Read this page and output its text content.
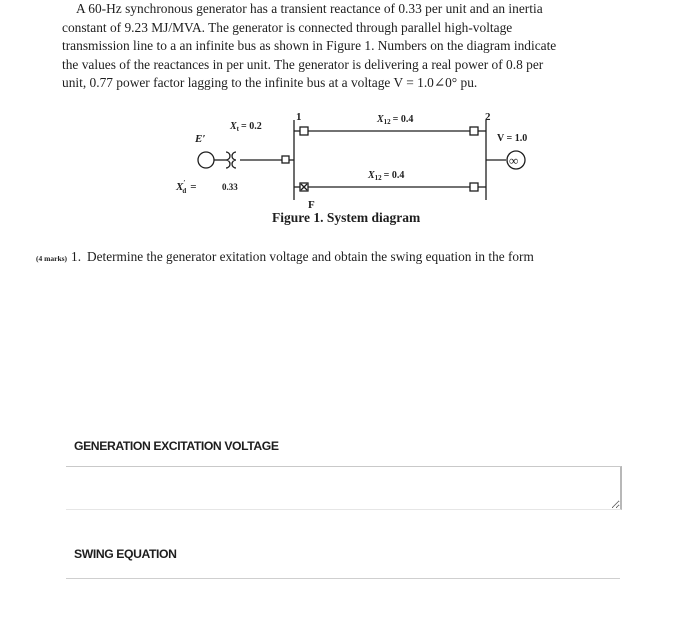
A 60-Hz synchronous generator has a transient reactance of 0.33 per unit and an inertia
constant of 9.23 MJ/MVA. The generator is connected through parallel high-voltage
transmission line to a an infinite bus as shown in Figure 1. Numbers on the diagram indicate
the values of the reactances in per unit. The generator is delivering a real power of 0.8 per
unit, 0.77 power factor lagging to the infinite bus at a voltage V = 1.0∠0° pu.
1	2
E′
$X_t = 0.2$
$X_{12} = 0.4$
$X_{12} = 0.4$
X′ d =	0.33
V = 1.0
∞
F
Figure 1. System diagram
(4 marks) 1. Determine the generator exitation voltage and obtain the swing equation in the form
GENERATION EXCITATION VOLTAGE
SWING EQUATION
